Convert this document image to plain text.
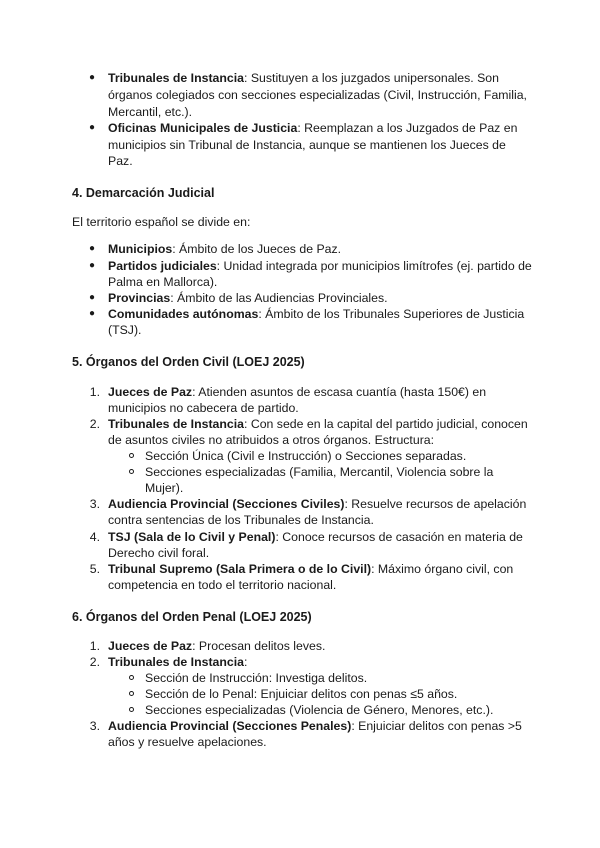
● Tribunales de Instancia: Sustituyen a los juzgados unipersonales. Son
órganos colegiados con secciones especializadas (Civil, Instrucción, Familia,
Mercantil, etc.).
● Oficinas Municipales de Justicia: Reemplazan a los Juzgados de Paz en
municipios sin Tribunal de Instancia, aunque se mantienen los Jueces de
Paz.
4. Demarcación Judicial
El territorio español se divide en:
● Municipios: Ámbito de los Jueces de Paz.
● Partidos judiciales: Unidad integrada por municipios limítrofes (ej. partido de
Palma en Mallorca).
● Provincias: Ámbito de las Audiencias Provinciales.
● Comunidades autónomas: Ámbito de los Tribunales Superiores de Justicia
(TSJ).
5. Órganos del Orden Civil (LOEJ 2025)
1. Jueces de Paz: Atienden asuntos de escasa cuantía (hasta 150€) en
municipios no cabecera de partido.
2. Tribunales de Instancia: Con sede en la capital del partido judicial, conocen
de asuntos civiles no atribuidos a otros órganos. Estructura:
Sección Única (Civil e Instrucción) o Secciones separadas.
Secciones especializadas (Familia, Mercantil, Violencia sobre la
Mujer).
3. Audiencia Provincial (Secciones Civiles): Resuelve recursos de apelación
contra sentencias de los Tribunales de Instancia.
4. TSJ (Sala de lo Civil y Penal): Conoce recursos de casación en materia de
Derecho civil foral.
5. Tribunal Supremo (Sala Primera o de lo Civil): Máximo órgano civil, con
competencia en todo el territorio nacional.
6. Órganos del Orden Penal (LOEJ 2025)
1. Jueces de Paz: Procesan delitos leves.
2. Tribunales de Instancia:
Sección de Instrucción: Investiga delitos.
Sección de lo Penal: Enjuiciar delitos con penas ≤5 años.
Secciones especializadas (Violencia de Género, Menores, etc.).
3. Audiencia Provincial (Secciones Penales): Enjuiciar delitos con penas >5
años y resuelve apelaciones.
